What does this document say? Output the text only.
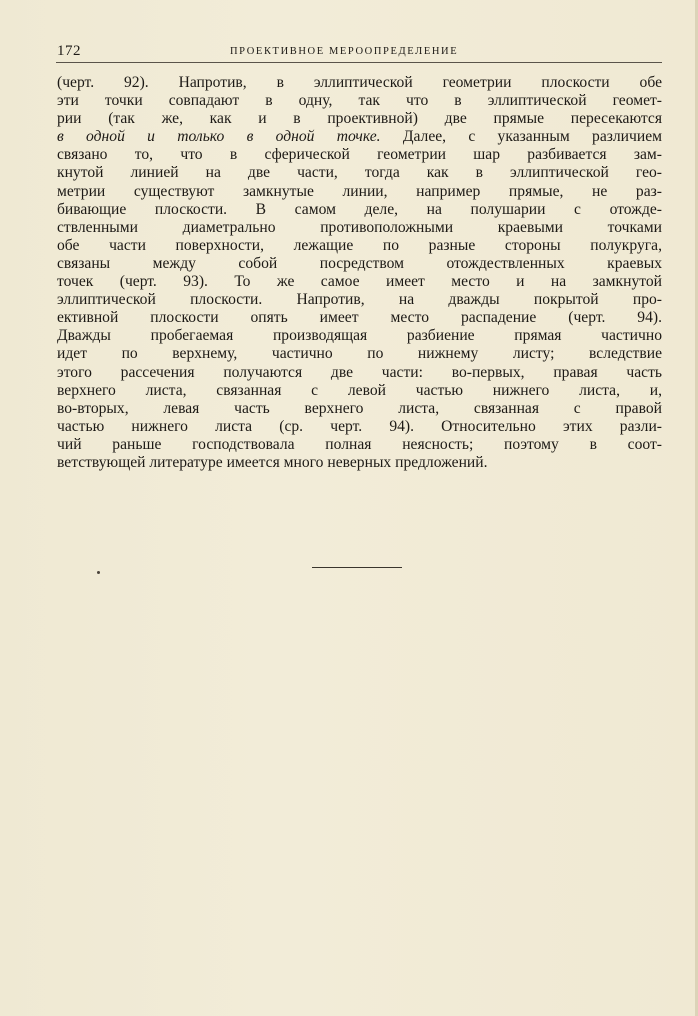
172	ПРОЕКТИВНОЕ МЕРООПРЕДЕЛЕНИЕ
(черт. 92). Напротив, в эллиптической геометрии плоскости обе
эти точки совпадают в одну, так что в эллиптической геомет-
рии (так же, как и в проективной) две прямые пересекаются
в одной и только в одной точке. Далее, с указанным различием
связано то, что в сферической геометрии шар разбивается зам-
кнутой линией на две части, тогда как в эллиптической гео-
метрии существуют замкнутые линии, например прямые, не раз-
бивающие плоскости. В самом деле, на полушарии с отожде-
ствленными диаметрально противоположными краевыми точками
обе части поверхности, лежащие по разные стороны полукруга,
связаны между собой посредством отождествленных краевых
точек (черт. 93). То же самое имеет место и на замкнутой
эллиптической плоскости. Напротив, на дважды покрытой про-
ективной плоскости опять имеет место распадение (черт. 94).
Дважды пробегаемая производящая разбиение прямая частично
идет по верхнему, частично по нижнему листу; вследствие
этого рассечения получаются две части: во-первых, правая часть
верхнего листа, связанная с левой частью нижнего листа, и,
во-вторых, левая часть верхнего листа, связанная с правой
частью нижнего листа (ср. черт. 94). Относительно этих разли-
чий раньше господствовала полная неясность; поэтому в соот-
ветствующей литературе имеется много неверных предложений.
